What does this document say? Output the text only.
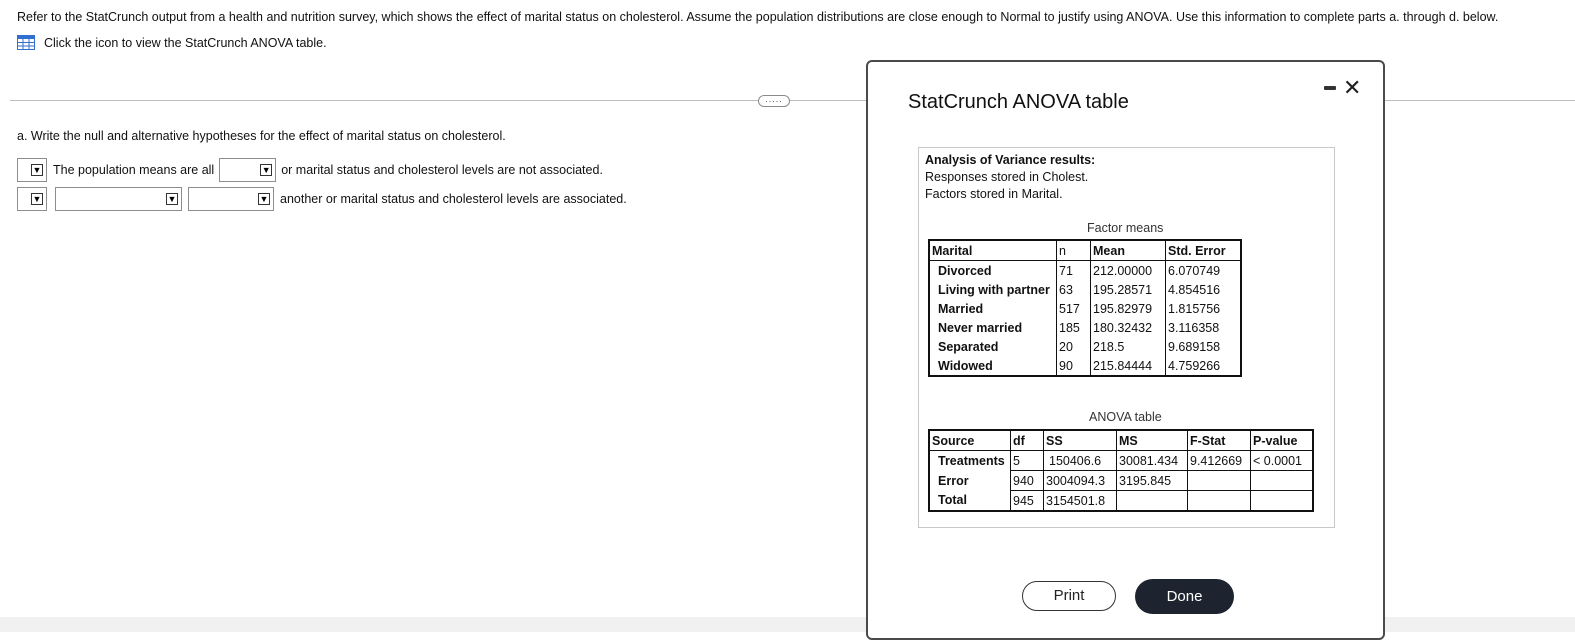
Refer to the StatCrunch output from a health and nutrition survey, which shows the effect of marital status on cholesterol. Assume the population distributions are close enough to Normal to justify using ANOVA. Use this information to complete parts a. through d. below.
Click the icon to view the StatCrunch ANOVA table.
.....
a. Write the null and alternative hypotheses for the effect of marital status on cholesterol.
▼ The population means are all	▼ or marital status and cholesterol levels are not associated.
▼	▼	▼ another or marital status and cholesterol levels are associated.
StatCrunch ANOVA table
✕
Analysis of Variance results:
Responses stored in Cholest.
Factors stored in Marital.
Factor means
Marital	n	Mean	Std. Error
Divorced	71	212.00000	6.070749
Living with partner	63	195.28571	4.854516
Married	517	195.82979	1.815756
Never married	185	180.32432	3.116358
Separated	20	218.5	9.689158
Widowed	90	215.84444	4.759266
ANOVA table
Source	df	SS	MS	F-Stat	P-value
Treatments	5	150406.6	30081.434	9.412669	< 0.0001
Error	940	3004094.3	3195.845		
Total	945	3154501.8			
Print	Done
